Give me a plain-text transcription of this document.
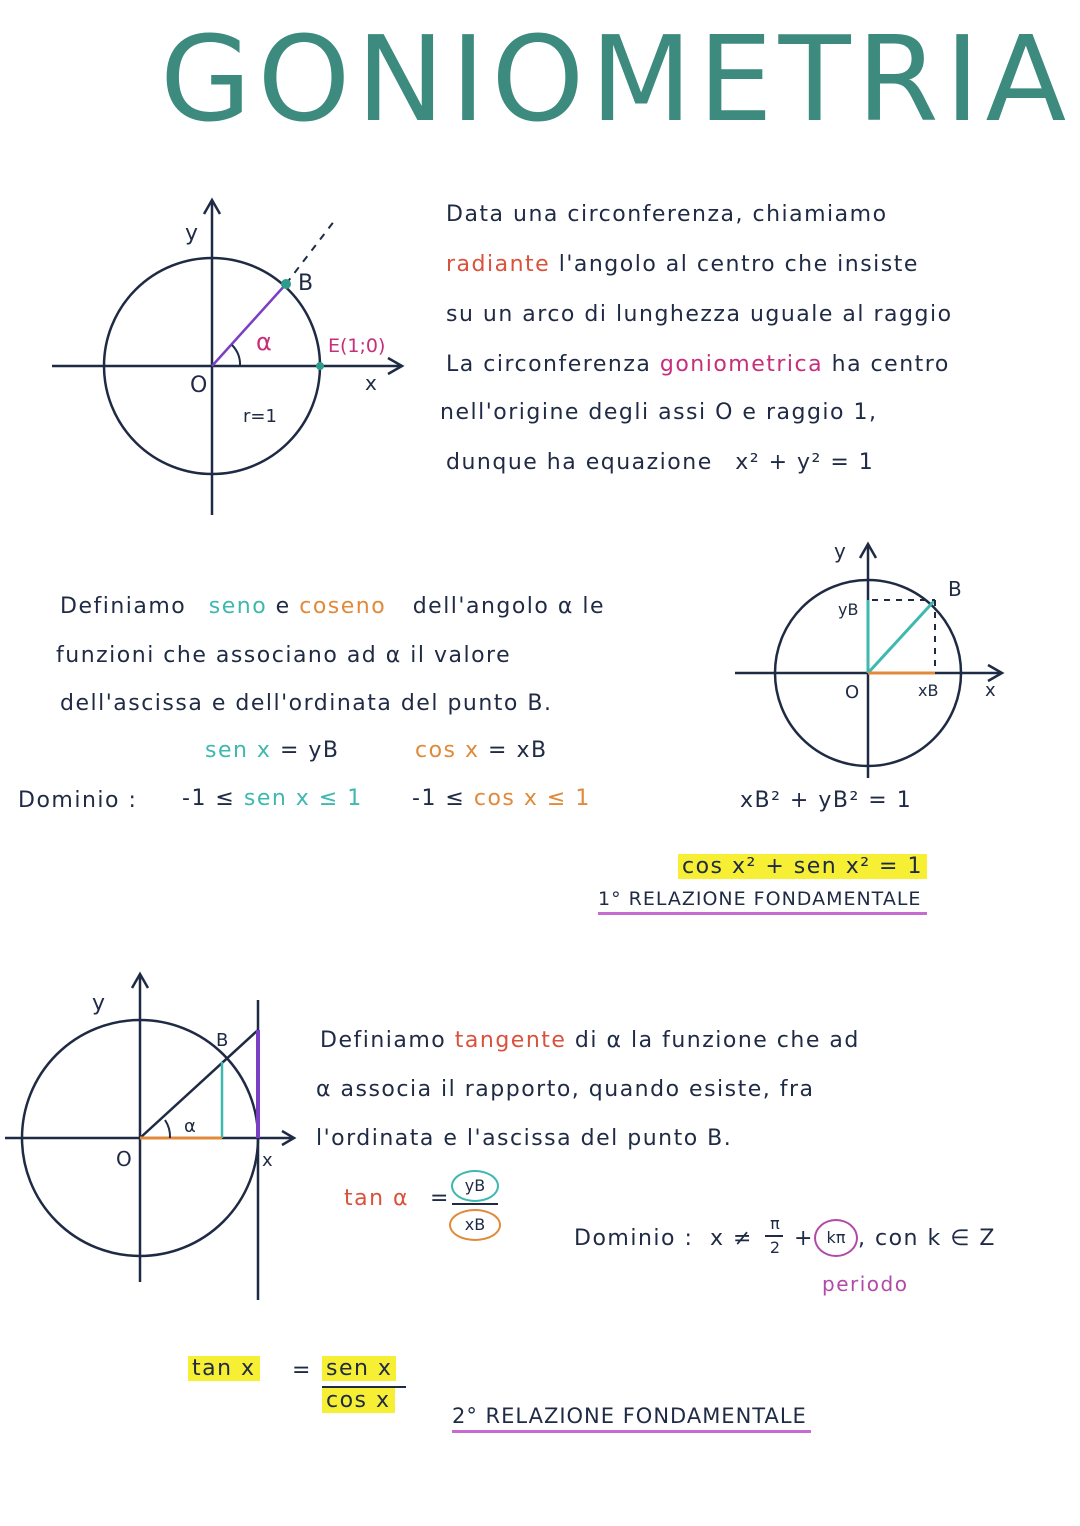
GONIOMETRIA
y
x
O
B
α	E(1;0)
r=1
Data una circonferenza, chiamiamo
radiante l'angolo al centro che insiste
su un arco di lunghezza uguale al raggio
La circonferenza goniometrica ha centro
nell'origine degli assi O e raggio 1,
dunque ha equazione x² + y² = 1
Definiamo seno e coseno dell'angolo α le
funzioni che associano ad α il valore
dell'ascissa e dell'ordinata del punto B.
sen x = yB	cos x = xB
Dominio : -1 ≤ sen x ≤ 1 -1 ≤ cos x ≤ 1
y
x
O
B
yB
xB
xB² + yB² = 1
cos x² + sen x² = 1
1° RELAZIONE FONDAMENTALE
y
x
O
B
α
Definiamo tangente di α la funzione che ad
α associa il rapporto, quando esiste, fra
l'ordinata e l'ascissa del punto B.
tan α =
yB
xB
Dominio : x ≠
π
2 + kπ , con k ∈ Z
periodo
tan x = sen x
cos x
2° RELAZIONE FONDAMENTALE
